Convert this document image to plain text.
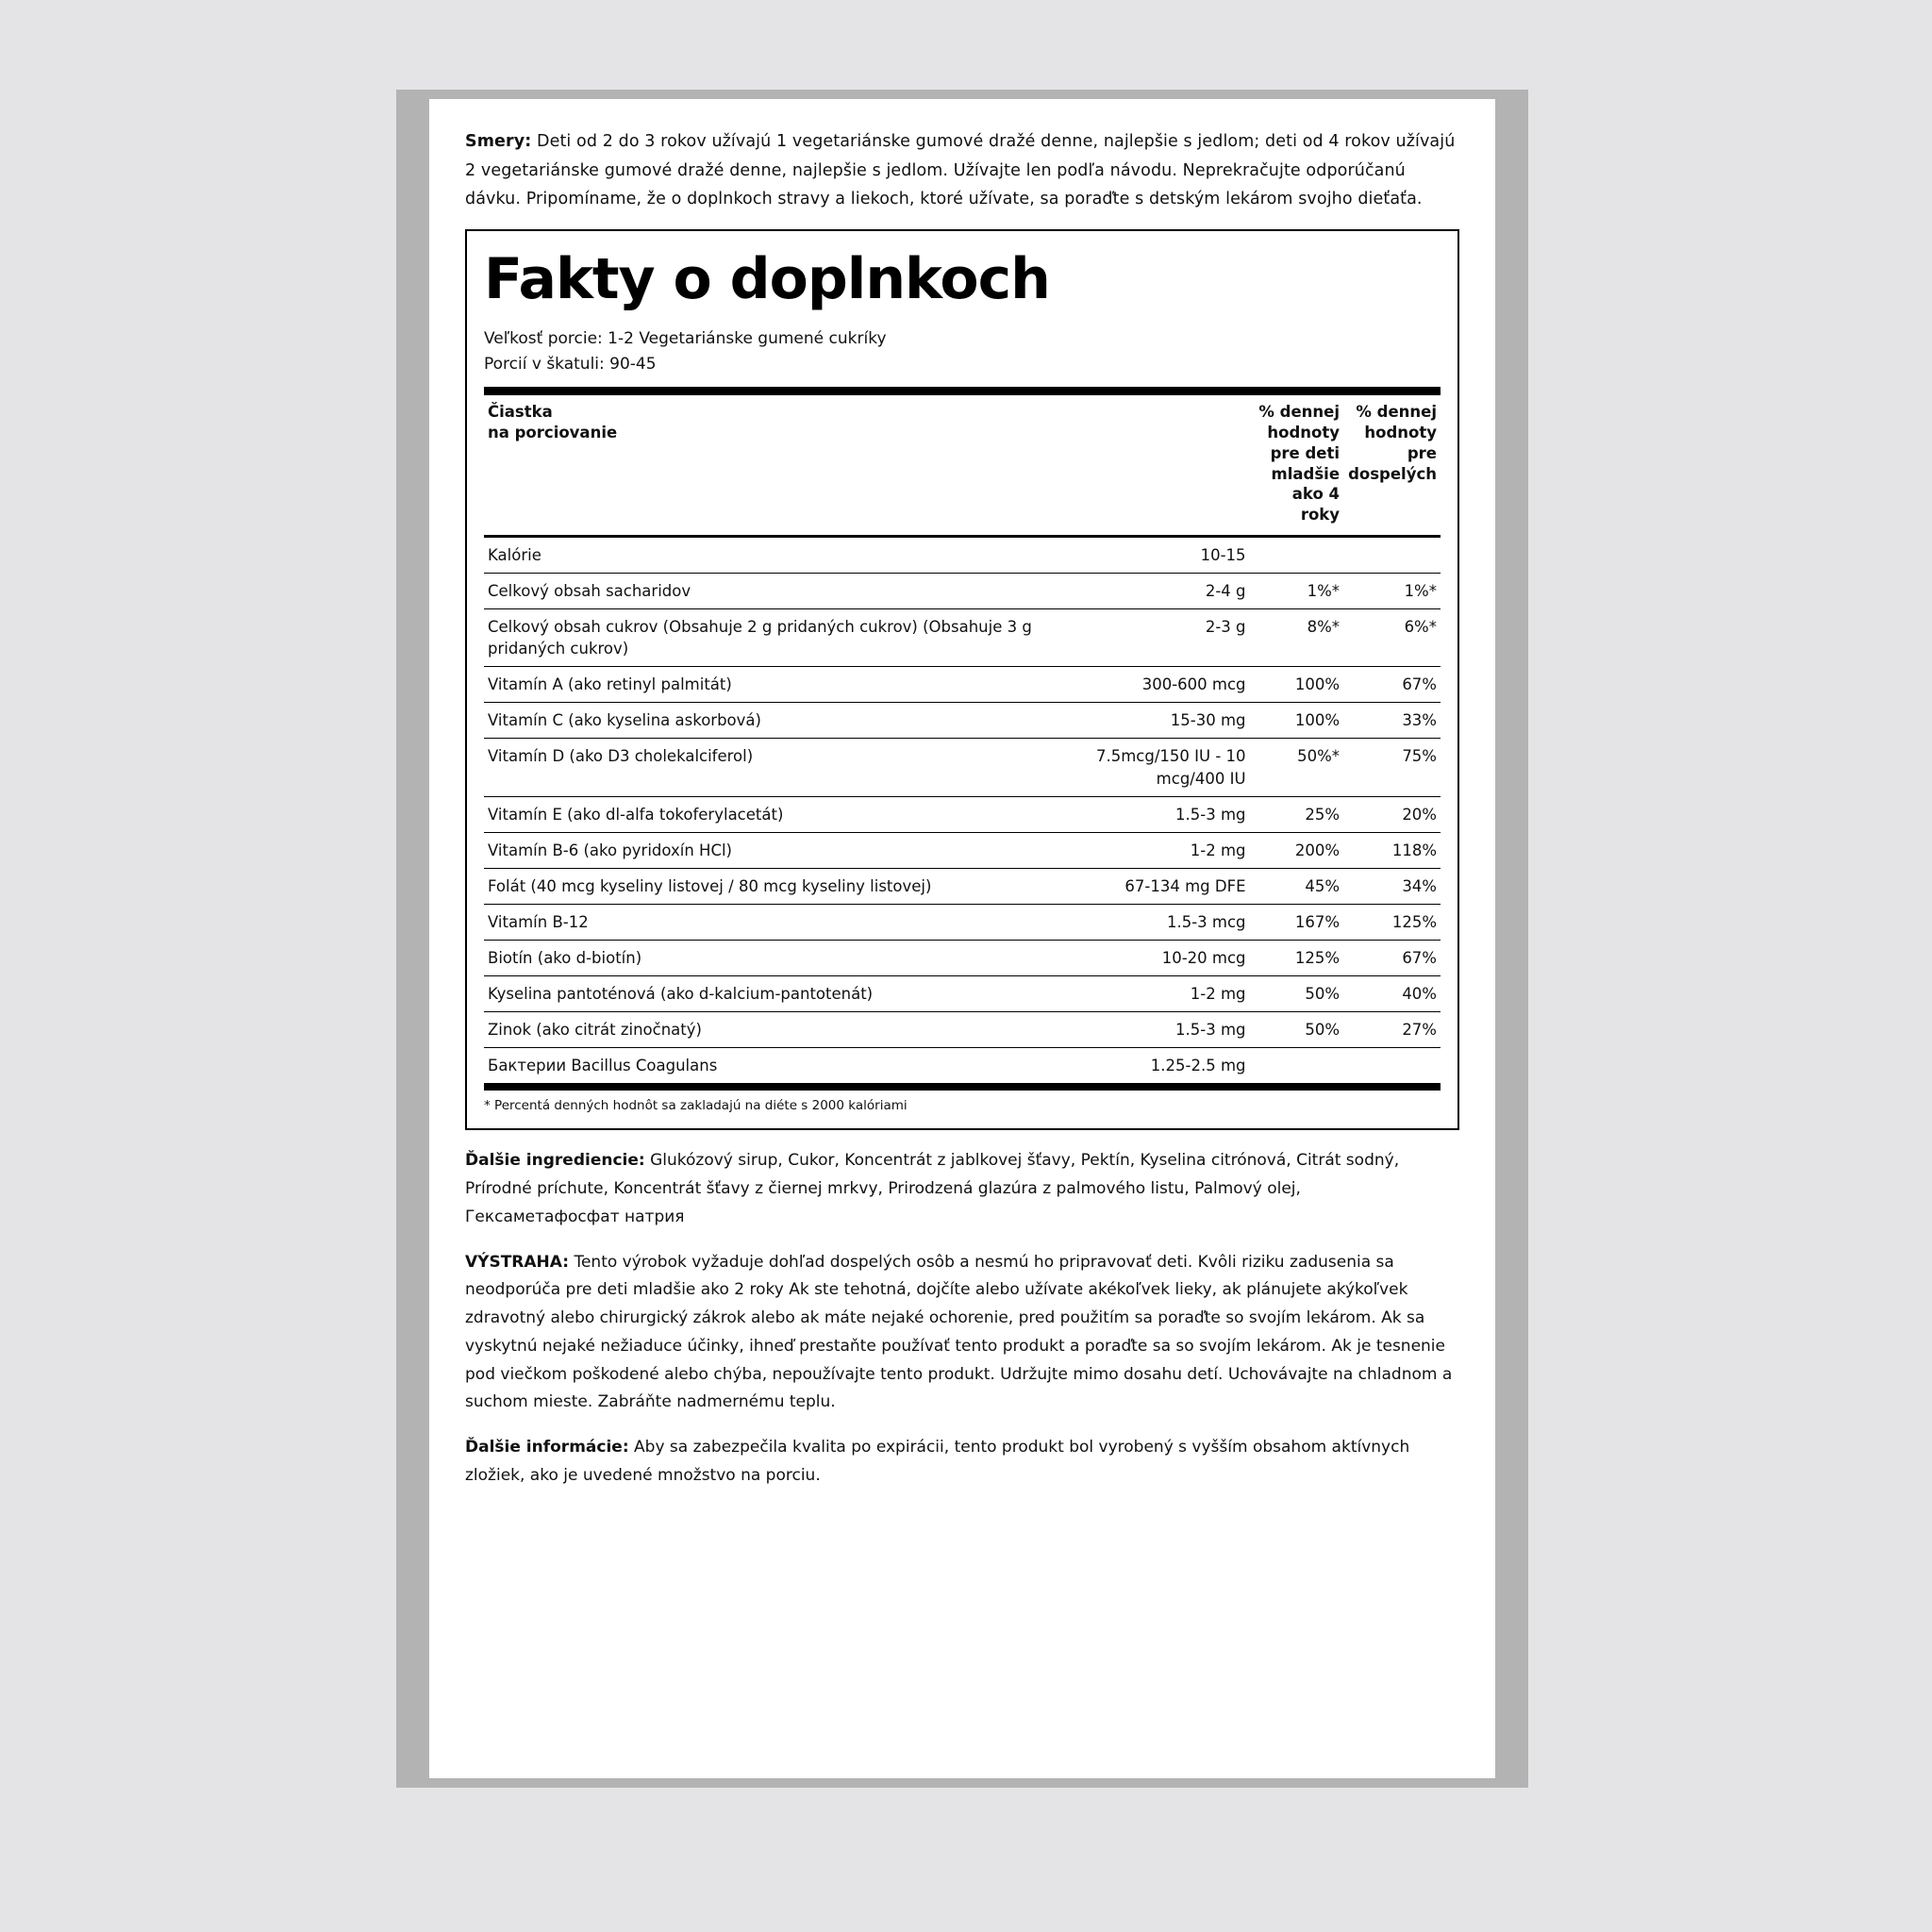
Smery: Deti od 2 do 3 rokov užívajú 1 vegetariánske gumové dražé denne, najlepšie s jedlom; deti od 4 rokov užívajú 2 vegetariánske gumové dražé denne, najlepšie s jedlom. Užívajte len podľa návodu. Neprekračujte odporúčanú dávku. Pripomíname, že o doplnkoch stravy a liekoch, ktoré užívate, sa poraďte s detským lekárom svojho dieťaťa.

Fakty o doplnkoch
Veľkosť porcie: 1-2 Vegetariánske gumené cukríky
Porcií v škatuli: 90-45
Čiastka
na porciovanie		% dennej hodnoty pre deti mladšie ako 4 roky	% dennej hodnoty pre dospelých
Kalórie	10-15		
Celkový obsah sacharidov	2-4 g	1%*	1%*
Celkový obsah cukrov (Obsahuje 2 g pridaných cukrov) (Obsahuje 3 g pridaných cukrov)	2-3 g	8%*	6%*
Vitamín A (ako retinyl palmitát)	300-600 mcg	100%	67%
Vitamín C (ako kyselina askorbová)	15-30 mg	100%	33%
Vitamín D (ako D3 cholekalciferol)	7.5mcg/150 IU - 10 mcg/400 IU	50%*	75%
Vitamín E (ako dl-alfa tokoferylacetát)	1.5-3 mg	25%	20%
Vitamín B-6 (ako pyridoxín HCl)	1-2 mg	200%	118%
Folát (40 mcg kyseliny listovej / 80 mcg kyseliny listovej)	67-134 mg DFE	45%	34%
Vitamín B-12	1.5-3 mcg	167%	125%
Biotín (ako d-biotín)	10-20 mcg	125%	67%
Kyselina pantoténová (ako d-kalcium-pantotenát)	1-2 mg	50%	40%
Zinok (ako citrát zinočnatý)	1.5-3 mg	50%	27%
Бактерии Bacillus Coagulans	1.25-2.5 mg		
* Percentá denných hodnôt sa zakladajú na diéte s 2000 kalóriami

Ďalšie ingrediencie: Glukózový sirup, Cukor, Koncentrát z jablkovej šťavy, Pektín, Kyselina citrónová, Citrát sodný, Prírodné príchute, Koncentrát šťavy z čiernej mrkvy, Prirodzená glazúra z palmového listu, Palmový olej, Гексаметафосфат натрия

VÝSTRAHA: Tento výrobok vyžaduje dohľad dospelých osôb a nesmú ho pripravovať deti. Kvôli riziku zadusenia sa neodporúča pre deti mladšie ako 2 roky Ak ste tehotná, dojčíte alebo užívate akékoľvek lieky, ak plánujete akýkoľvek zdravotný alebo chirurgický zákrok alebo ak máte nejaké ochorenie, pred použitím sa poraďte so svojím lekárom. Ak sa vyskytnú nejaké nežiaduce účinky, ihneď prestaňte používať tento produkt a poraďte sa so svojím lekárom. Ak je tesnenie pod viečkom poškodené alebo chýba, nepoužívajte tento produkt. Udržujte mimo dosahu detí. Uchovávajte na chladnom a suchom mieste. Zabráňte nadmernému teplu.

Ďalšie informácie: Aby sa zabezpečila kvalita po expirácii, tento produkt bol vyrobený s vyšším obsahom aktívnych zložiek, ako je uvedené množstvo na porciu.
